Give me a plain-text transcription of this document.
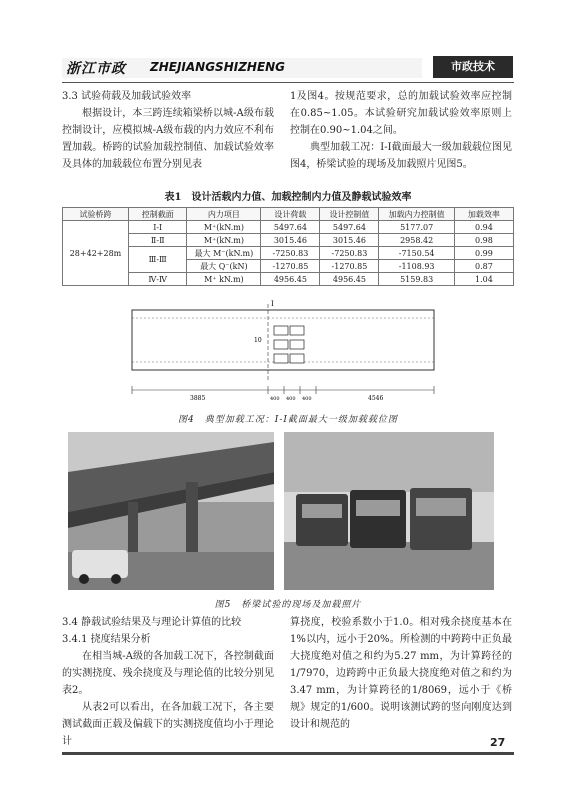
浙江市政 ZHEJIANGSHIZHENG	市政技术

3.3 试验荷载及加载试验效率

根据设计，本三跨连续箱梁桥以城-A级布载控制设计，应模拟城-A级布载的内力效应不利布置加载。桥跨的试验加载控制值、加载试验效率及具体的加载载位布置分别见表

1及图4。按规范要求，总的加载试验效率应控制在0.85~1.05。本试验研究加载试验效率原则上控制在0.90~1.04之间。

典型加载工况：I-I截面最大一级加载载位图见图4，桥梁试验的现场及加载照片见图5。

表1　设计活载内力值、加载控制内力值及静载试验效率
试验桥跨	控制截面	内力项目	设计荷载	设计控制值	加载内力控制值	加载效率
28+42+28m	Ⅰ-Ⅰ	M⁺(kN.m)	5497.64	5497.64	5177.07	0.94
	Ⅱ-Ⅱ	M⁺(kN.m)	3015.46	3015.46	2958.42	0.98
	Ⅲ-Ⅲ	最大 M⁻(kN.m)	-7250.83	-7250.83	-7150.54	0.99
		最大 Q⁻(kN)	-1270.85	-1270.85	-1108.93	0.87
	Ⅳ-Ⅳ	M⁺ kN.m)	4956.45	4956.45	5159.83	1.04
I
10
3885	400 400 400	4546
图4　典型加载工况：I-I截面最大一级加载载位图
图5　桥梁试验的现场及加载照片

3.4 静载试验结果及与理论计算值的比较

3.4.1 挠度结果分析

在相当城-A级的各加载工况下，各控制截面的实测挠度、残余挠度及与理论值的比较分别见表2。

从表2可以看出，在各加载工况下，各主要测试截面正载及偏载下的实测挠度值均小于理论计

算挠度，校验系数小于1.0。相对残余挠度基本在1%以内，远小于20%。所检测的中跨跨中正负最大挠度绝对值之和约为5.27 mm，为计算跨径的1/7970，边跨跨中正负最大挠度绝对值之和约为3.47 mm，为计算跨径的1/8069，远小于《桥规》规定的1/600。说明该测试跨的竖向刚度达到设计和规范的

27
